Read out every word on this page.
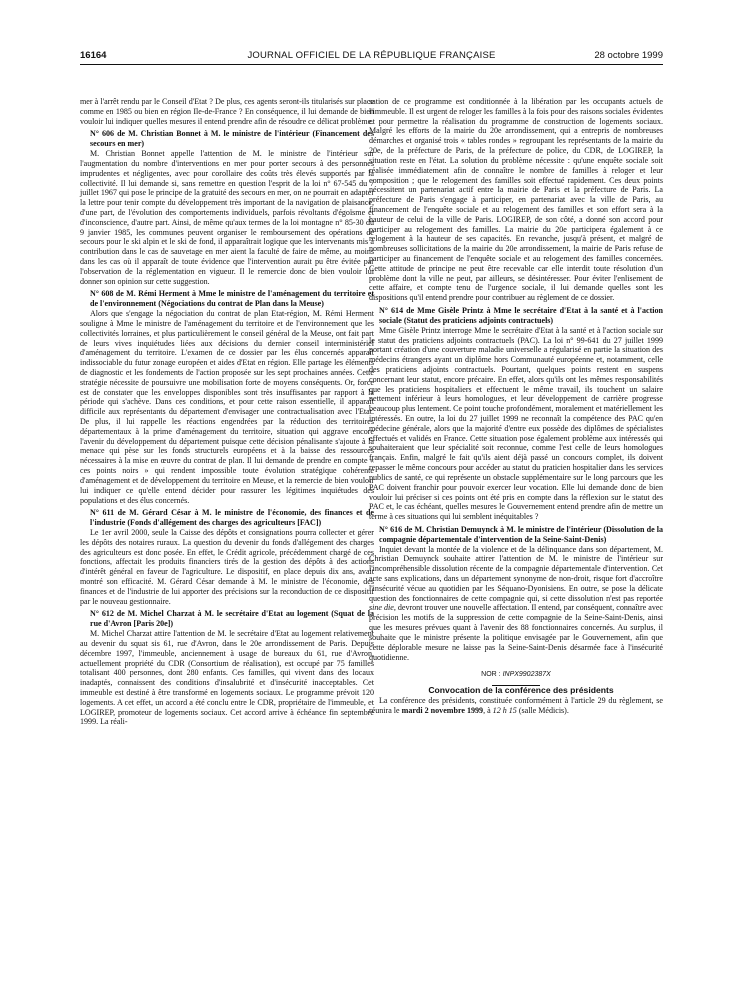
16164	JOURNAL OFFICIEL DE LA RÉPUBLIQUE FRANÇAISE	28 octobre 1999

mer à l'arrêt rendu par le Conseil d'Etat ? De plus, ces agents seront-ils titularisés sur place comme en 1985 ou bien en région Ile-de-France ? En conséquence, il lui demande de bien vouloir lui indiquer quelles mesures il entend prendre afin de résoudre ce délicat problème.

N° 606 de M. Christian Bonnet à M. le ministre de l'intérieur (Financement des secours en mer)

M. Christian Bonnet appelle l'attention de M. le ministre de l'intérieur sur l'augmentation du nombre d'interventions en mer pour porter secours à des personnes imprudentes et négligentes, avec pour corollaire des coûts très élevés supportés par la collectivité. Il lui demande si, sans remettre en question l'esprit de la loi n° 67-545 du 7 juillet 1967 qui pose le principe de la gratuité des secours en mer, on ne pourrait en adapter la lettre pour tenir compte du développement très important de la navigation de plaisance, d'une part, de l'évolution des comportements individuels, parfois révoltants d'égoïsme et d'inconscience, d'autre part. Ainsi, de même qu'aux termes de la loi montagne n° 85-30 du 9 janvier 1985, les communes peuvent organiser le remboursement des opérations de secours pour le ski alpin et le ski de fond, il apparaîtrait logique que les intervenants mis à contribution dans le cas de sauvetage en mer aient la faculté de faire de même, au moins dans les cas où il apparaît de toute évidence que l'intervention aurait pu être évitée par l'observation de la réglementation en vigueur. Il le remercie donc de bien vouloir lui donner son opinion sur cette suggestion.

N° 608 de M. Rémi Herment à Mme le ministre de l'aménagement du territoire et de l'environnement (Négociations du contrat de Plan dans la Meuse)

Alors que s'engage la négociation du contrat de plan Etat-région, M. Rémi Herment souligne à Mme le ministre de l'aménagement du territoire et de l'environnement que les collectivités lorraines, et plus particulièrement le conseil général de la Meuse, ont fait part de leurs vives inquiétudes liées aux décisions du dernier conseil interministériel d'aménagement du territoire. L'examen de ce dossier par les élus concernés apparaît indissociable du futur zonage européen et aides d'Etat en région. Elle partage les éléments de diagnostic et les fondements de l'action proposée sur les sept prochaines années. Cette stratégie nécessite de poursuivre une mobilisation forte de moyens conséquents. Or, force est de constater que les enveloppes disponibles sont très insuffisantes par rapport à la période qui s'achève. Dans ces conditions, et pour cette raison essentielle, il apparaît difficile aux représentants du département d'envisager une contractualisation avec l'Etat. De plus, il lui rappelle les réactions engendrées par la réduction des territoires départementaux à la prime d'aménagement du territoire, situation qui aggrave encore l'avenir du développement du département puisque cette décision pénalisante s'ajoute à la menace qui pèse sur les fonds structurels européens et à la baisse des ressources nécessaires à la mise en œuvre du contrat de plan. Il lui demande de prendre en compte « ces points noirs » qui rendent impossible toute évolution stratégique cohérente d'aménagement et de développement du territoire en Meuse, et la remercie de bien vouloir lui indiquer ce qu'elle entend décider pour rassurer les légitimes inquiétudes des populations et des élus concernés.

N° 611 de M. Gérard César à M. le ministre de l'économie, des finances et de l'industrie (Fonds d'allégement des charges des agriculteurs [FAC])

Le 1er avril 2000, seule la Caisse des dépôts et consignations pourra collecter et gérer les dépôts des notaires ruraux. La question du devenir du fonds d'allégement des charges des agriculteurs est donc posée. En effet, le Crédit agricole, précédemment chargé de ces fonctions, affectait les produits financiers tirés de la gestion des dépôts à des actions d'intérêt général en faveur de l'agriculture. Le dispositif, en place depuis dix ans, avait montré son efficacité. M. Gérard César demande à M. le ministre de l'économie, des finances et de l'industrie de lui apporter des précisions sur la reconduction de ce dispositif par le nouveau gestionnaire.

N° 612 de M. Michel Charzat à M. le secrétaire d'Etat au logement (Squat de la rue d'Avron [Paris 20e])

M. Michel Charzat attire l'attention de M. le secrétaire d'Etat au logement relativement au devenir du squat sis 61, rue d'Avron, dans le 20e arrondissement de Paris. Depuis décembre 1997, l'immeuble, anciennement à usage de bureaux du 61, rue d'Avron, actuellement propriété du CDR (Consortium de réalisation), est occupé par 75 familles totalisant 400 personnes, dont 280 enfants. Ces familles, qui vivent dans des locaux inadaptés, connaissent des conditions d'insalubrité et d'insécurité inacceptables. Cet immeuble est destiné à être transformé en logements sociaux. Le programme prévoit 120 logements. A cet effet, un accord a été conclu entre le CDR, propriétaire de l'immeuble, et LOGIREP, promoteur de logements sociaux. Cet accord arrive à échéance fin septembre 1999. La réali-

sation de ce programme est conditionnée à la libération par les occupants actuels de l'immeuble. Il est urgent de reloger les familles à la fois pour des raisons sociales évidentes et pour permettre la réalisation du programme de construction de logements sociaux. Malgré les efforts de la mairie du 20e arrondissement, qui a entrepris de nombreuses démarches et organisé trois « tables rondes » regroupant les représentants de la mairie du 20e, de la préfecture de Paris, de la préfecture de police, du CDR, de LOGIREP, la situation reste en l'état. La solution du problème nécessite : qu'une enquête sociale soit réalisée immédiatement afin de connaître le nombre de familles à reloger et leur composition ; que le relogement des familles soit effectué rapidement. Ces deux points nécessitent un partenariat actif entre la mairie de Paris et la préfecture de Paris. La préfecture de Paris s'engage à participer, en partenariat avec la ville de Paris, au financement de l'enquête sociale et au relogement des familles et son effort sera à la hauteur de celui de la ville de Paris. LOGIREP, de son côté, a donné son accord pour participer au relogement des familles. La mairie du 20e participera également à ce relogement à la hauteur de ses capacités. En revanche, jusqu'à présent, et malgré de nombreuses sollicitations de la mairie du 20e arrondissement, la mairie de Paris refuse de participer au financement de l'enquête sociale et au relogement des familles concernées. Cette attitude de principe ne peut être recevable car elle interdit toute résolution d'un problème dont la ville ne peut, par ailleurs, se désintéresser. Pour éviter l'enlisement de cette affaire, et compte tenu de l'urgence sociale, il lui demande quelles sont les dispositions qu'il entend prendre pour contribuer au règlement de ce dossier.

N° 614 de Mme Gisèle Printz à Mme le secrétaire d'Etat à la santé et à l'action sociale (Statut des praticiens adjoints contractuels)

Mme Gisèle Printz interroge Mme le secrétaire d'Etat à la santé et à l'action sociale sur le statut des praticiens adjoints contractuels (PAC). La loi n° 99-641 du 27 juillet 1999 portant création d'une couverture maladie universelle a régularisé en partie la situation des médecins étrangers ayant un diplôme hors Communauté européenne et, notamment, celle des praticiens adjoints contractuels. Pourtant, quelques points restent en suspens concernant leur statut, encore précaire. En effet, alors qu'ils ont les mêmes responsabilités que les praticiens hospitaliers et effectuent le même travail, ils touchent un salaire nettement inférieur à leurs homologues, et leur développement de carrière progresse beaucoup plus lentement. Ce point touche profondément, moralement et matériellement les intéressés. En outre, la loi du 27 juillet 1999 ne reconnaît la compétence des PAC qu'en médecine générale, alors que la majorité d'entre eux possède des diplômes de spécialistes effectués et validés en France. Cette situation pose également problème aux intéressés qui souhaiteraient que leur spécialité soit reconnue, comme l'est celle de leurs homologues français. Enfin, malgré le fait qu'ils aient déjà passé un concours complet, ils doivent repasser le même concours pour accéder au statut du praticien hospitalier dans les services publics de santé, ce qui représente un obstacle supplémentaire sur le long parcours que les PAC doivent franchir pour pouvoir exercer leur vocation. Elle lui demande donc de bien vouloir lui préciser si ces points ont été pris en compte dans la réflexion sur le statut des PAC et, le cas échéant, quelles mesures le Gouvernement entend prendre afin de mettre un terme à ces situations qui lui semblent inéquitables ?

N° 616 de M. Christian Demuynck à M. le ministre de l'intérieur (Dissolution de la compagnie départementale d'intervention de la Seine-Saint-Denis)

Inquiet devant la montée de la violence et de la délinquance dans son département, M. Christian Demuynck souhaite attirer l'attention de M. le ministre de l'intérieur sur l'incompréhensible dissolution récente de la compagnie départementale d'intervention. Cet acte sans explications, dans un département synonyme de non-droit, risque fort d'accroître l'insécurité vécue au quotidien par les Séquano-Dyonisiens. En outre, se pose la délicate question des fonctionnaires de cette compagnie qui, si cette dissolution n'est pas reportée sine die, devront trouver une nouvelle affectation. Il entend, par conséquent, connaître avec précision les motifs de la suppression de cette compagnie de la Seine-Saint-Denis, ainsi que les mesures prévues quant à l'avenir des 88 fonctionnaires concernés. Au surplus, il souhaite que le ministre présente la politique envisagée par le Gouvernement, afin que cette déplorable mesure ne laisse pas la Seine-Saint-Denis désarmée face à l'insécurité quotidienne.

NOR : INPX9902387X

Convocation de la conférence des présidents

La conférence des présidents, constituée conformément à l'article 29 du règlement, se réunira le mardi 2 novembre 1999, à 12 h 15 (salle Médicis).
